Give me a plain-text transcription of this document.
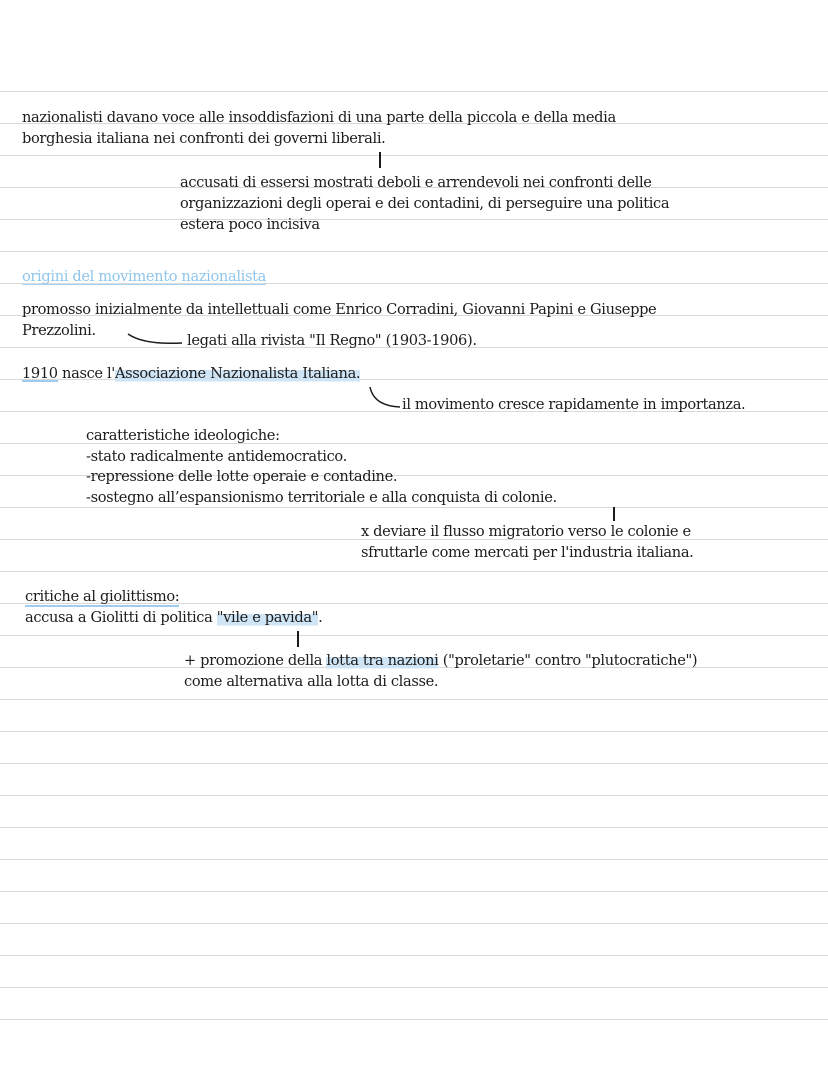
nazionalisti davano voce alle insoddisfazioni di una parte della piccola e della media
borghesia italiana nei confronti dei governi liberali.
accusati di essersi mostrati deboli e arrendevoli nei confronti delle
organizzazioni degli operai e dei contadini, di perseguire una politica
estera poco incisiva
origini del movimento nazionalista
promosso inizialmente da intellettuali come Enrico Corradini, Giovanni Papini e Giuseppe
Prezzolini.
legati alla rivista "Il Regno" (1903-1906).
1910 nasce l'Associazione Nazionalista Italiana.
il movimento cresce rapidamente in importanza.
caratteristiche ideologiche:
-stato radicalmente antidemocratico.
-repressione delle lotte operaie e contadine.
-sostegno all’espansionismo territoriale e alla conquista di colonie.
x deviare il flusso migratorio verso le colonie e
sfruttarle come mercati per l'industria italiana.
critiche al giolittismo:
accusa a Giolitti di politica "vile e pavida".
+ promozione della lotta tra nazioni ("proletarie" contro "plutocratiche")
come alternativa alla lotta di classe.
